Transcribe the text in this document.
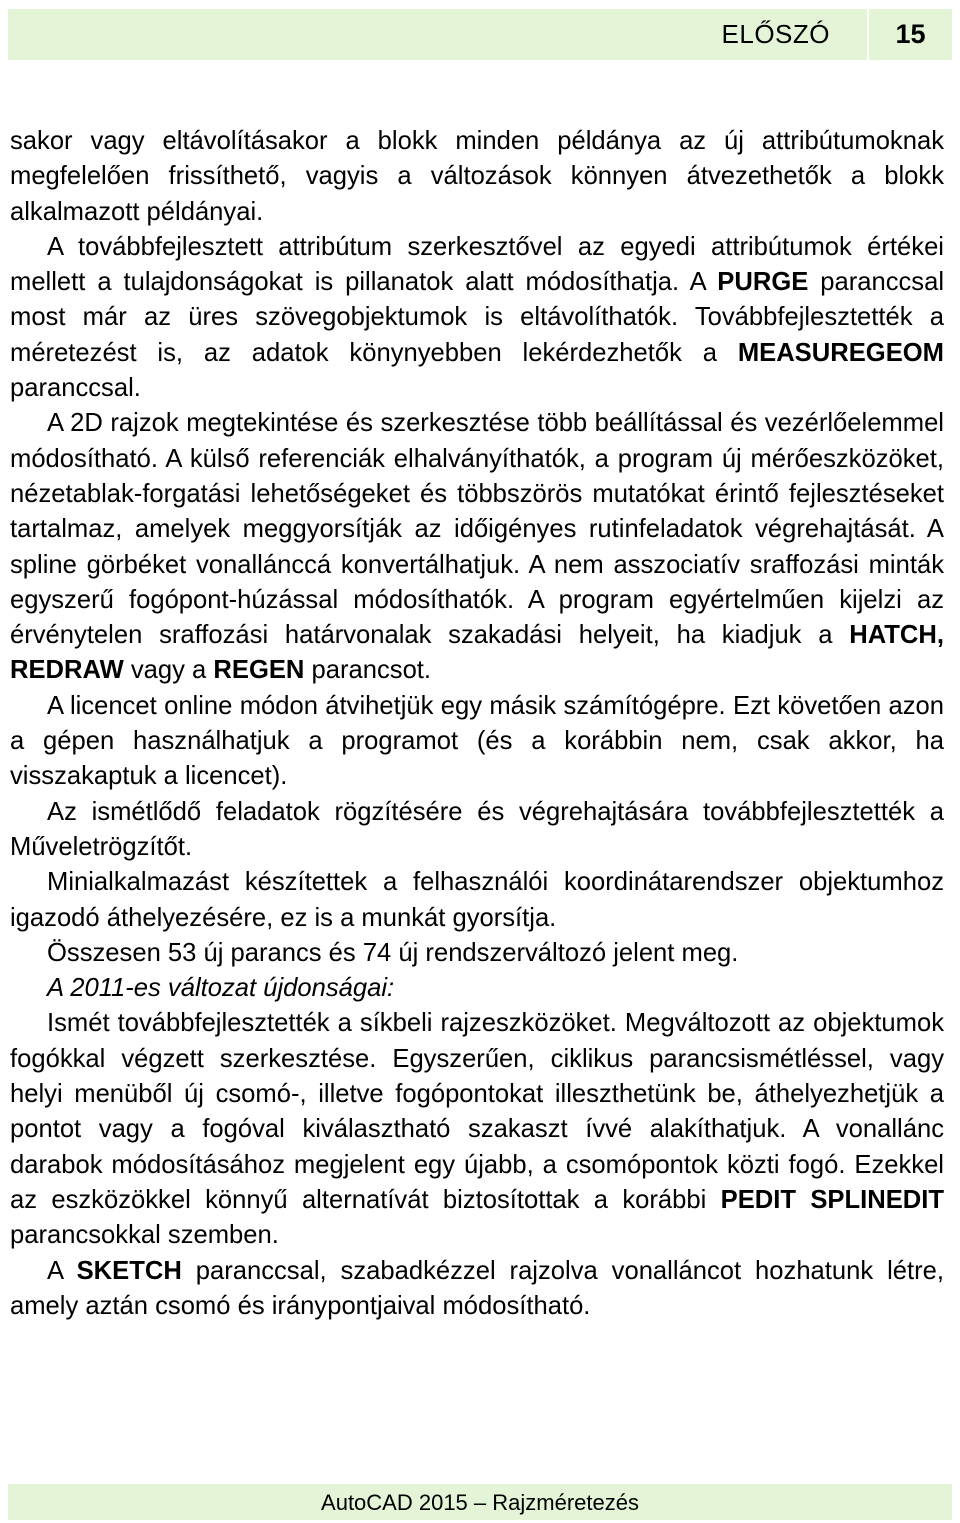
ELŐSZÓ	15

sakor vagy eltávolításakor a blokk minden példánya az új attribútumoknak megfelelően frissíthető, vagyis a változások könnyen átvezethetők a blokk alkalmazott példányai.

A továbbfejlesztett attribútum szerkesztővel az egyedi attribútumok értékei mellett a tulajdonságokat is pillanatok alatt módosíthatja. A PURGE paranccsal most már az üres szövegobjektumok is eltávolíthatók. Továbbfejlesztették a méretezést is, az adatok könynyebben lekérdezhetők a MEASUREGEOM paranccsal.

A 2D rajzok megtekintése és szerkesztése több beállítással és vezérlőelemmel módosítható. A külső referenciák elhalványíthatók, a program új mérőeszközöket, nézetablak-forgatási lehetőségeket és többszörös mutatókat érintő fejlesztéseket tartalmaz, amelyek meggyorsítják az időigényes rutinfeladatok végrehajtását. A spline görbéket vonallánccá konvertálhatjuk. A nem asszociatív sraffozási minták egyszerű fogópont-húzással módosíthatók. A program egyértelműen kijelzi az érvénytelen sraffozási határvonalak szakadási helyeit, ha kiadjuk a HATCH, REDRAW vagy a REGEN parancsot.

A licencet online módon átvihetjük egy másik számítógépre. Ezt követően azon a gépen használhatjuk a programot (és a korábbin nem, csak akkor, ha visszakaptuk a licencet).

Az ismétlődő feladatok rögzítésére és végrehajtására továbbfejlesztették a Műveletrögzítőt.

Minialkalmazást készítettek a felhasználói koordinátarendszer objektumhoz igazodó áthelyezésére, ez is a munkát gyorsítja.

Összesen 53 új parancs és 74 új rendszerváltozó jelent meg.

A 2011-es változat újdonságai:

Ismét továbbfejlesztették a síkbeli rajzeszközöket. Megváltozott az objektumok fogókkal végzett szerkesztése. Egyszerűen, ciklikus parancsismétléssel, vagy helyi menüből új csomó-, illetve fogópontokat illeszthetünk be, áthelyezhetjük a pontot vagy a fogóval kiválasztható szakaszt ívvé alakíthatjuk. A vonallánc darabok módosításához megjelent egy újabb, a csomópontok közti fogó. Ezekkel az eszközökkel könnyű alternatívát biztosítottak a korábbi PEDIT SPLINEDIT parancsokkal szemben.

A SKETCH paranccsal, szabadkézzel rajzolva vonalláncot hozhatunk létre, amely aztán csomó és iránypontjaival módosítható.

AutoCAD 2015 – Rajzméretezés
